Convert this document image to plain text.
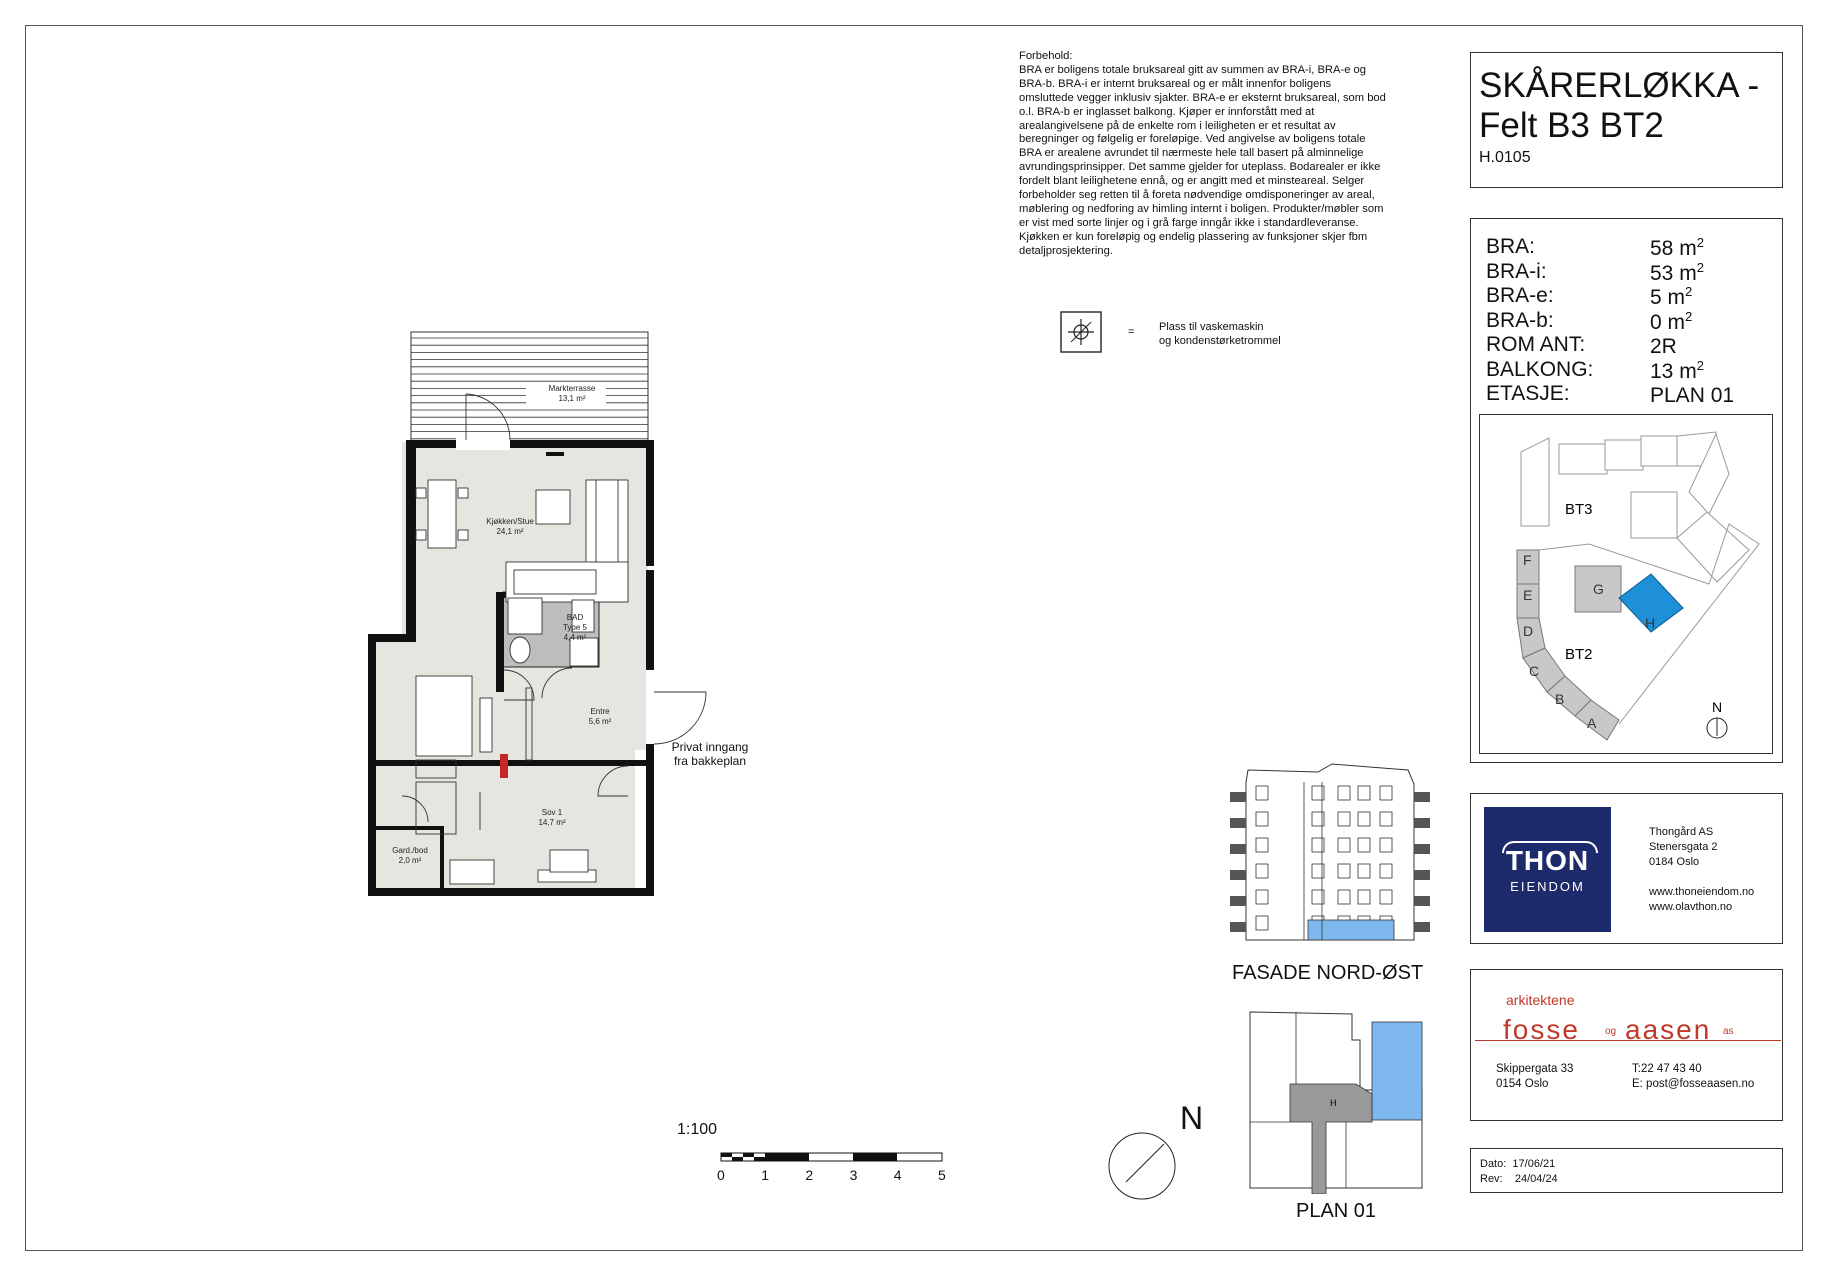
Forbehold:

BRA er boligens totale bruksareal gitt av summen av BRA-i, BRA-e og
BRA-b. BRA-i er internt bruksareal og er målt innenfor boligens
omsluttede vegger inklusiv sjakter. BRA-e er eksternt bruksareal, som bod
o.l. BRA-b er inglasset balkong. Kjøper er innforstått med at
arealangivelsene på de enkelte rom i leiligheten er et resultat av
beregninger og følgelig er foreløpige. Ved angivelse av boligens totale
BRA er arealene avrundet til nærmeste hele tall basert på alminnelige
avrundingsprinsipper. Det samme gjelder for uteplass. Bodarealer er ikke
fordelt blant leilighetene ennå, og er angitt med et minsteareal. Selger
forbeholder seg retten til å foreta nødvendige omdisponeringer av areal,
møblering og nedforing av himling internt i boligen. Produkter/møbler som
er vist med sorte linjer og i grå farge inngår ikke i standardleveranse.
Kjøkken er kun foreløpig og endelig plassering av funksjoner skjer fbm
detaljprosjektering.
= Plass til vaskemaskin
og kondenstørketrommel
SKÅRERLØKKA -
Felt B3 BT2
H.0105
BRA:	58 $m^2$
BRA-i:	53 $m^2$
BRA-e:	5 $m^2$
BRA-b:	0 $m^2$
ROM ANT:	2R
BALKONG:	13 $m^2$
ETASJE:	PLAN 01
BT3
BT2
F
E
D
C
B
A
G
H
N
Markterrasse
13,1 m²
Kjøkken/Stue
24,1 m²
BAD
Type 5
4,4 m²
Entre
5,6 m²
Sov 1
14,7 m²
Gard./bod
2,0 m²
Privat inngang
fra bakkeplan
1:100
0	1	2	3	4	5
FASADE NORD-ØST
H
PLAN 01
N
THON
EIENDOM
Thongård AS
Stenersgata 2
0184 Oslo
www.thoneiendom.no
www.olavthon.no
arkitektene
fosse	og aasen as
Skippergata 33
0154 Oslo
T:22 47 43 40
E: post@fosseaasen.no
Dato: 17/06/21
Rev: 24/04/24
